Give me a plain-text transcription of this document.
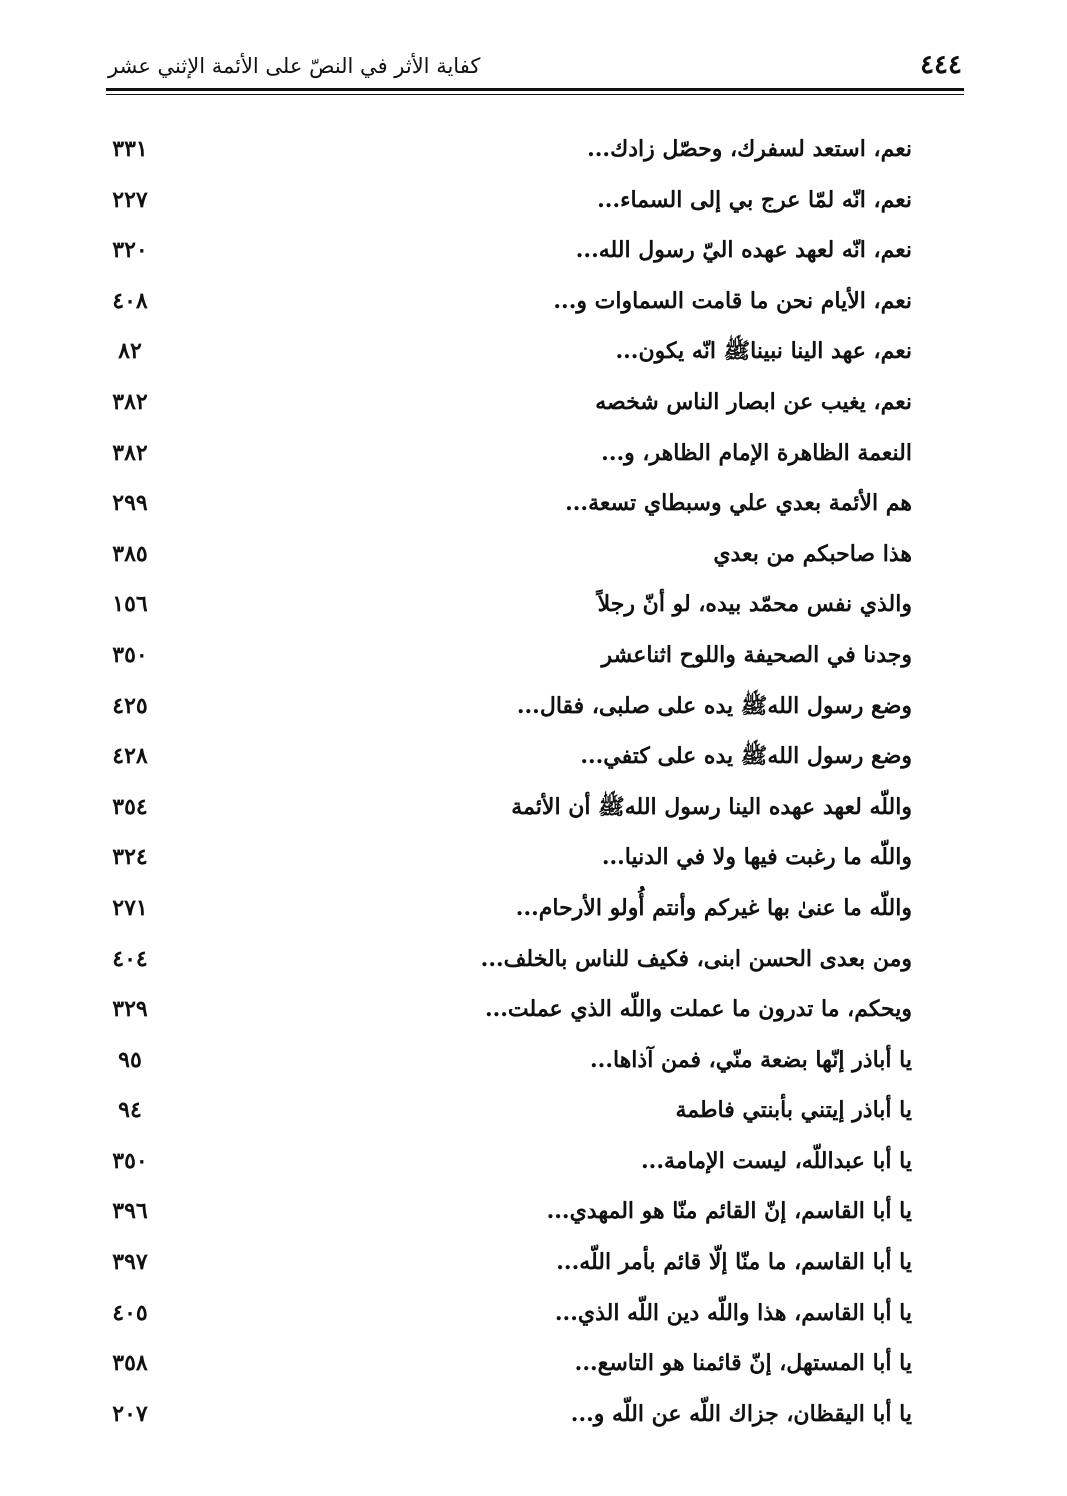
٤٤٤
كفاية الأثر في النصّ على الأئمة الإثني عشر
نعم، استعد لسفرك، وحصّل زادك...
٣٣١
نعم، انّه لمّا عرج بي إلى السماء...
٢٢٧
نعم، انّه لعهد عهده اليّ رسول الله...
٣٢٠
نعم، الأيام نحن ما قامت السماوات و...
٤٠٨
نعم، عهد الينا نبيناﷺ انّه يكون...
٨٢
نعم، يغيب عن ابصار الناس شخصه
٣٨٢
النعمة الظاهرة الإمام الظاهر، و...
٣٨٢
هم الأئمة بعدي علي وسبطاي تسعة...
٢٩٩
هذا صاحبكم من بعدي
٣٨٥
والذي نفس محمّد بيده، لو أنّ رجلاً
١٥٦
وجدنا في الصحيفة واللوح اثناعشر
٣٥٠
وضع رسول اللهﷺ يده على صلبى، فقال...
٤٢٥
وضع رسول اللهﷺ يده على كتفي...
٤٢٨
واللّه لعهد عهده الينا رسول اللهﷺ أن الأئمة
٣٥٤
واللّه ما رغبت فيها ولا في الدنيا...
٣٢٤
واللّه ما عنىٰ بها غيركم وأنتم أُولو الأرحام...
٢٧١
ومن بعدى الحسن ابنى، فكيف للناس بالخلف...
٤٠٤
ويحكم، ما تدرون ما عملت واللّه الذي عملت...
٣٢٩
يا أباذر إنّها بضعة منّي، فمن آذاها...
٩٥
يا أباذر إيتني بأبنتي فاطمة
٩٤
يا أبا عبداللّه، ليست الإمامة...
٣٥٠
يا أبا القاسم، إنّ القائم منّا هو المهدي...
٣٩٦
يا أبا القاسم، ما منّا إلّا قائم بأمر اللّه...
٣٩٧
يا أبا القاسم، هذا واللّه دين اللّه الذي...
٤٠٥
يا أبا المستهل، إنّ قائمنا هو التاسع...
٣٥٨
يا أبا اليقظان، جزاك اللّه عن اللّه و...
٢٠٧
